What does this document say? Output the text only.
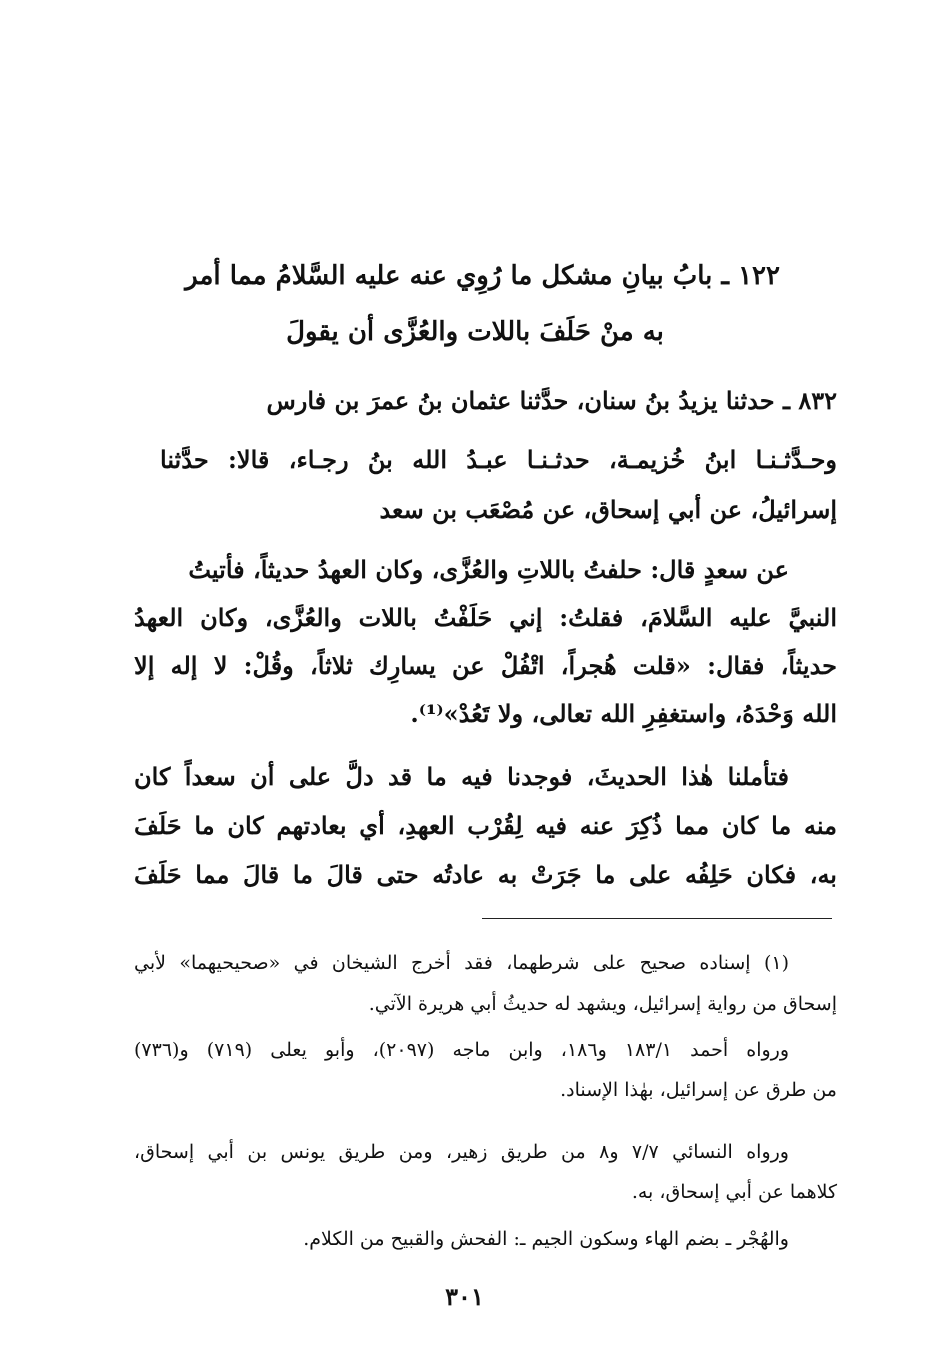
١٢٢ ـ بابُ بيانِ مشكل ما رُوِي عنه عليه السَّلامُ مما أمر
به منْ حَلَفَ باللات والعُزَّى أن يقولَ
٨٣٢ ـ حدثنا يزيدُ بنُ سنان، حدَّثنا عثمان بنُ عمرَ بن فارس
وحـدَّثـنـا ابنُ خُزيمـة، حدثـنـا عبـدُ الله بنُ رجـاء، قالا: حدَّثنا
إسرائيلُ، عن أبي إسحاق، عن مُصْعَب بن سعد
عن سعدٍ قال: حلفتُ باللاتِ والعُزَّى، وكان العهدُ حديثاً، فأتيتُ
النبيَّ عليه السَّلامَ، فقلتُ: إني حَلَفْتُ باللات والعُزَّى، وكان العهدُ
حديثاً، فقال: «قلت هُجراً، اتْفُلْ عن يسارِك ثلاثاً، وقُلْ: لا إله إلا
الله وَحْدَهُ، واستغفِرِ الله تعالى، ولا تَعُدْ»⁽¹⁾.
فتأملنا هٰذا الحديثَ، فوجدنا فيه ما قد دلَّ على أن سعداً كان
منه ما كان مما ذُكِرَ عنه فيه لِقُرْب العهدِ، أي بعادتهم كان ما حَلَفَ
به، فكان حَلِفُه على ما جَرَتْ به عادتُه حتى قالَ ما قالَ مما حَلَفَ
(١) إسناده صحيح على شرطهما، فقد أخرج الشيخان في «صحيحيهما» لأبي
إسحاق من رواية إسرائيل، ويشهد له حديثُ أبي هريرة الآتي.
ورواه أحمد ١٨٣/١ و١٨٦، وابن ماجه (٢٠٩٧)، وأبو يعلى (٧١٩) و(٧٣٦)
من طرق عن إسرائيل، بهٰذا الإسناد.
ورواه النسائي ٧/٧ و٨ من طريق زهير، ومن طريق يونس بن أبي إسحاق،
كلاهما عن أبي إسحاق، به.
والهُجْر ـ بضم الهاء وسكون الجيم ـ: الفحش والقبيح من الكلام.
٣٠١
